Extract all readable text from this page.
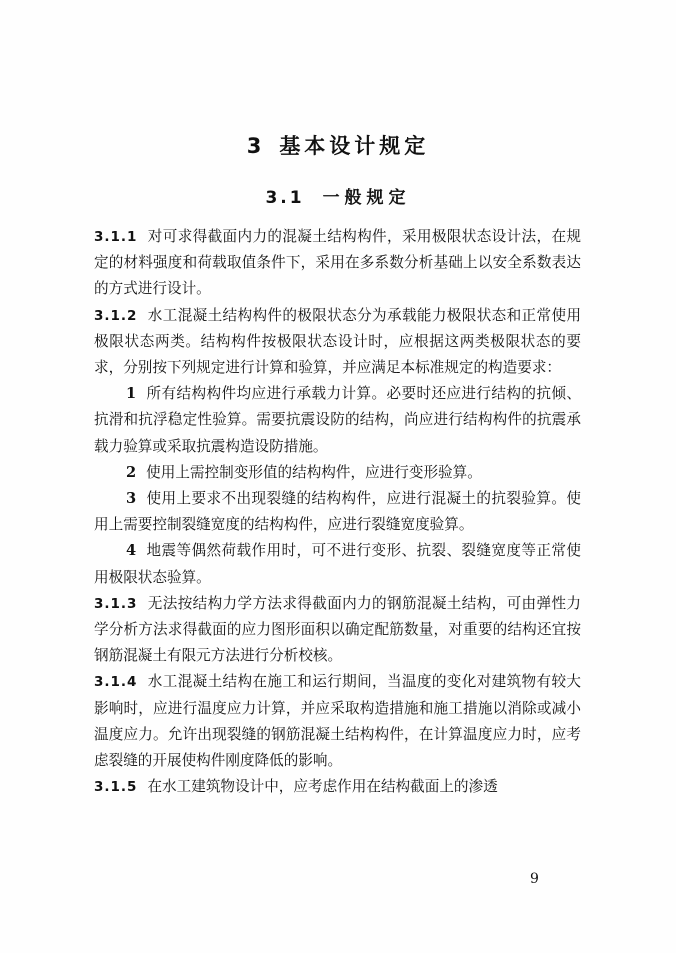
3 基本设计规定
3.1 一般规定

3.1.1 对可求得截面内力的混凝土结构构件，采用极限状态设计法，在规定的材料强度和荷载取值条件下，采用在多系数分析基础上以安全系数表达的方式进行设计。

3.1.2 水工混凝土结构构件的极限状态分为承载能力极限状态和正常使用极限状态两类。结构构件按极限状态设计时，应根据这两类极限状态的要求，分别按下列规定进行计算和验算，并应满足本标准规定的构造要求：

1 所有结构构件均应进行承载力计算。必要时还应进行结构的抗倾、抗滑和抗浮稳定性验算。需要抗震设防的结构，尚应进行结构构件的抗震承载力验算或采取抗震构造设防措施。

2 使用上需控制变形值的结构构件，应进行变形验算。

3 使用上要求不出现裂缝的结构构件，应进行混凝土的抗裂验算。使用上需要控制裂缝宽度的结构构件，应进行裂缝宽度验算。

4 地震等偶然荷载作用时，可不进行变形、抗裂、裂缝宽度等正常使用极限状态验算。

3.1.3 无法按结构力学方法求得截面内力的钢筋混凝土结构，可由弹性力学分析方法求得截面的应力图形面积以确定配筋数量，对重要的结构还宜按钢筋混凝土有限元方法进行分析校核。

3.1.4 水工混凝土结构在施工和运行期间，当温度的变化对建筑物有较大影响时，应进行温度应力计算，并应采取构造措施和施工措施以消除或减小温度应力。允许出现裂缝的钢筋混凝土结构构件，在计算温度应力时，应考虑裂缝的开展使构件刚度降低的影响。

3.1.5 在水工建筑物设计中，应考虑作用在结构截面上的渗透

9
